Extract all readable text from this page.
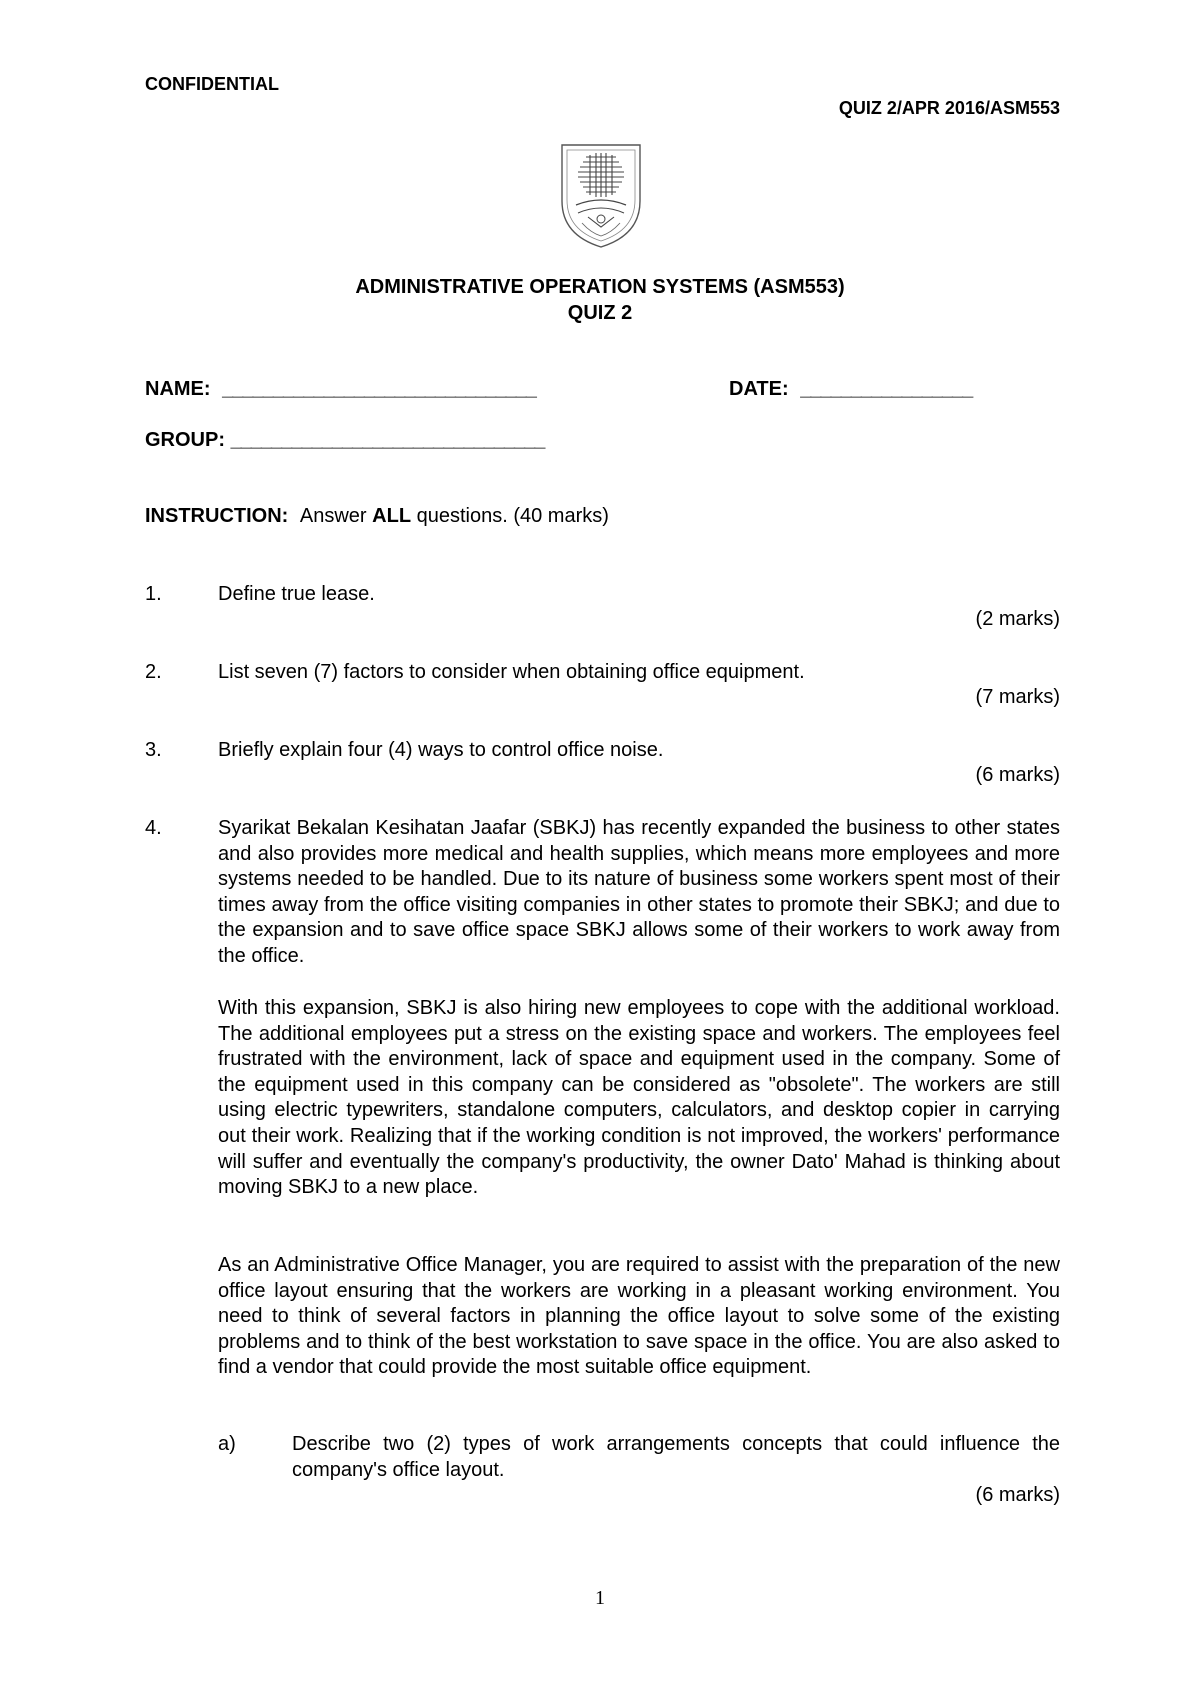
CONFIDENTIAL
QUIZ 2/APR 2016/ASM553
ADMINISTRATIVE OPERATION SYSTEMS (ASM553)
QUIZ 2
NAME: _______________________________	DATE: _________________
GROUP: _______________________________
INSTRUCTION: Answer ALL questions. (40 marks)
1.	Define true lease.
(2 marks)
2.	List seven (7) factors to consider when obtaining office equipment.
(7 marks)
3.	Briefly explain four (4) ways to control office noise.
(6 marks)
4.	Syarikat Bekalan Kesihatan Jaafar (SBKJ) has recently expanded the business to other states and also provides more medical and health supplies, which means more employees and more systems needed to be handled. Due to its nature of business some workers spent most of their times away from the office visiting companies in other states to promote their SBKJ; and due to the expansion and to save office space SBKJ allows some of their workers to work away from the office.
With this expansion, SBKJ is also hiring new employees to cope with the additional workload. The additional employees put a stress on the existing space and workers. The employees feel frustrated with the environment, lack of space and equipment used in the company. Some of the equipment used in this company can be considered as "obsolete". The workers are still using electric typewriters, standalone computers, calculators, and desktop copier in carrying out their work. Realizing that if the working condition is not improved, the workers' performance will suffer and eventually the company's productivity, the owner Dato' Mahad is thinking about moving SBKJ to a new place.
As an Administrative Office Manager, you are required to assist with the preparation of the new office layout ensuring that the workers are working in a pleasant working environment. You need to think of several factors in planning the office layout to solve some of the existing problems and to think of the best workstation to save space in the office. You are also asked to find a vendor that could provide the most suitable office equipment.
a)	Describe two (2) types of work arrangements concepts that could influence the company's office layout.
(6 marks)
1
